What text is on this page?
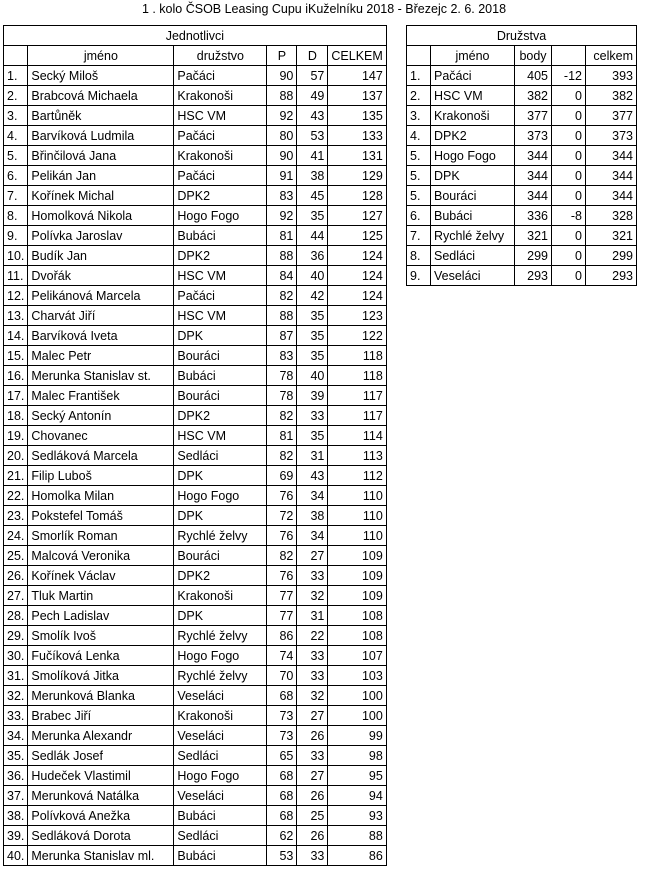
1 . kolo ČSOB Leasing Cupu iKuželníku 2018 - Březejc 2. 6. 2018
Jednotlivci					
	jméno	družstvo	P	D	CELKEM
1.	Secký Miloš	Pačáci	90	57	147
2.	Brabcová Michaela	Krakonoši	88	49	137
3.	Bartůněk	HSC VM	92	43	135
4.	Barvíková Ludmila	Pačáci	80	53	133
5.	Břinčilová Jana	Krakonoši	90	41	131
6.	Pelikán Jan	Pačáci	91	38	129
7.	Kořínek Michal	DPK2	83	45	128
8.	Homolková Nikola	Hogo Fogo	92	35	127
9.	Polívka Jaroslav	Bubáci	81	44	125
10.	Budík Jan	DPK2	88	36	124
11.	Dvořák	HSC VM	84	40	124
12.	Pelikánová Marcela	Pačáci	82	42	124
13.	Charvát Jiří	HSC VM	88	35	123
14.	Barvíková Iveta	DPK	87	35	122
15.	Malec Petr	Bouráci	83	35	118
16.	Merunka Stanislav st.	Bubáci	78	40	118
17.	Malec František	Bouráci	78	39	117
18.	Secký Antonín	DPK2	82	33	117
19.	Chovanec	HSC VM	81	35	114
20.	Sedláková Marcela	Sedláci	82	31	113
21.	Filip Luboš	DPK	69	43	112
22.	Homolka Milan	Hogo Fogo	76	34	110
23.	Pokstefel Tomáš	DPK	72	38	110
24.	Smorlík Roman	Rychlé želvy	76	34	110
25.	Malcová Veronika	Bouráci	82	27	109
26.	Kořínek Václav	DPK2	76	33	109
27.	Tluk Martin	Krakonoši	77	32	109
28.	Pech Ladislav	DPK	77	31	108
29.	Smolík Ivoš	Rychlé želvy	86	22	108
30.	Fučíková Lenka	Hogo Fogo	74	33	107
31.	Smolíková Jitka	Rychlé želvy	70	33	103
32.	Merunková Blanka	Veseláci	68	32	100
33.	Brabec Jiří	Krakonoši	73	27	100
34.	Merunka Alexandr	Veseláci	73	26	99
35.	Sedlák Josef	Sedláci	65	33	98
36.	Hudeček Vlastimil	Hogo Fogo	68	27	95
37.	Merunková Natálka	Veseláci	68	26	94
38.	Polívková Anežka	Bubáci	68	25	93
39.	Sedláková Dorota	Sedláci	62	26	88
40.	Merunka Stanislav ml.	Bubáci	53	33	86
Družstva				
	jméno	body		celkem
1.	Pačáci	405	-12	393
2.	HSC VM	382	0	382
3.	Krakonoši	377	0	377
4.	DPK2	373	0	373
5.	Hogo Fogo	344	0	344
5.	DPK	344	0	344
5.	Bouráci	344	0	344
6.	Bubáci	336	-8	328
7.	Rychlé želvy	321	0	321
8.	Sedláci	299	0	299
9.	Veseláci	293	0	293
